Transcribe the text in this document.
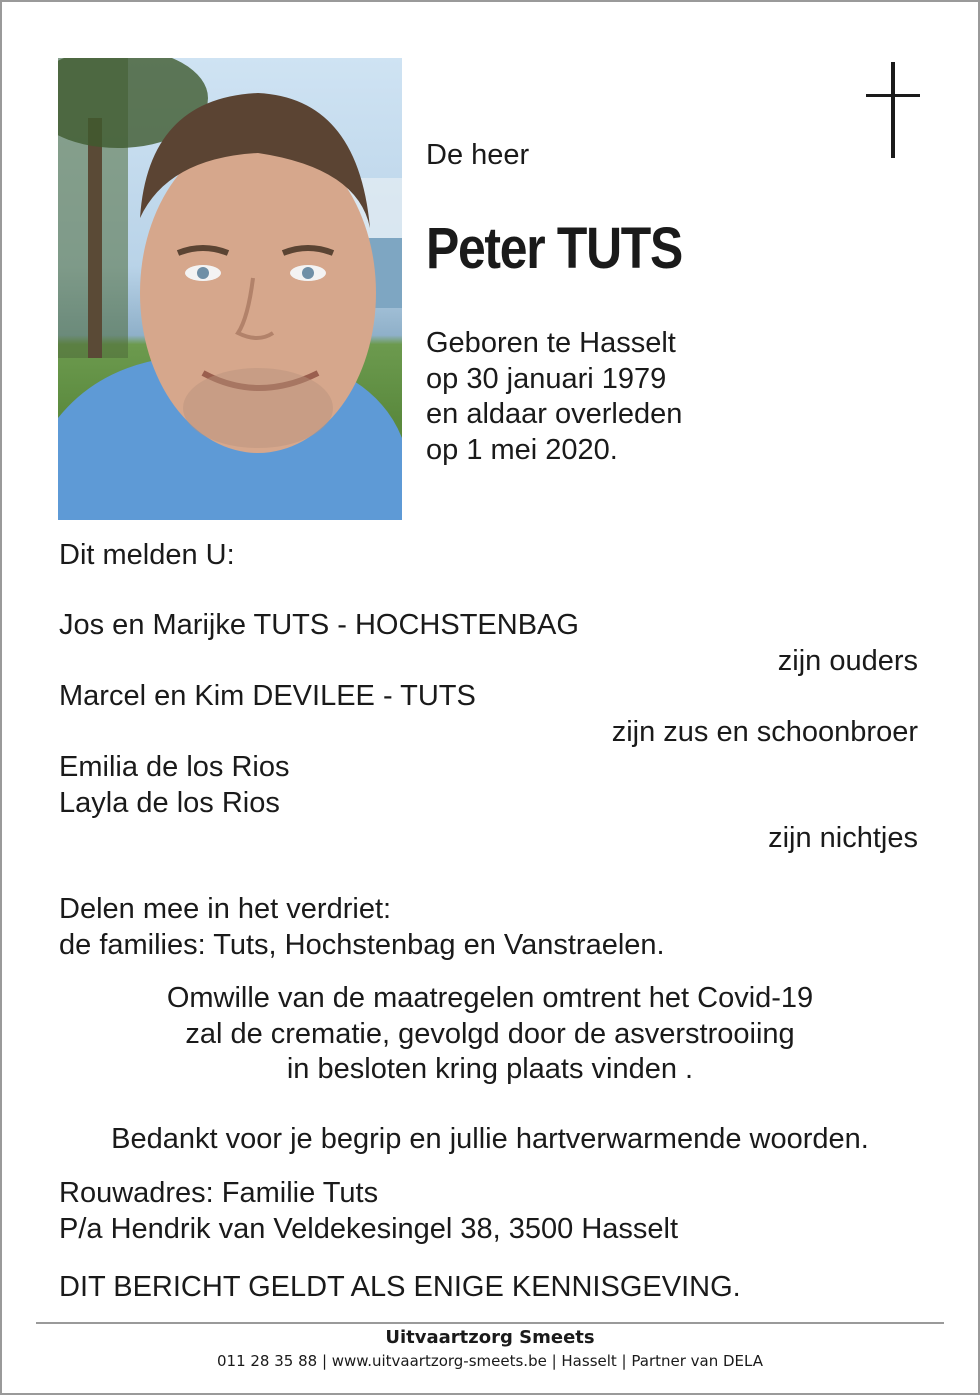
De heer
Peter TUTS
Geboren te Hasselt
op 30 januari 1979
en aldaar overleden
op 1 mei 2020.
Dit melden U:
Jos en Marijke TUTS - HOCHSTENBAG
zijn ouders
Marcel en Kim DEVILEE - TUTS
zijn zus en schoonbroer
Emilia de los Rios
Layla de los Rios
zijn nichtjes
Delen mee in het verdriet:
de families: Tuts, Hochstenbag en Vanstraelen.
Omwille van de maatregelen omtrent het Covid-19
zal de crematie, gevolgd door de asverstrooiing
in besloten kring plaats vinden .
Bedankt voor je begrip en jullie hartverwarmende woorden.
Rouwadres: Familie Tuts
P/a Hendrik van Veldekesingel 38, 3500 Hasselt
DIT BERICHT GELDT ALS ENIGE KENNISGEVING.
Uitvaartzorg Smeets
011 28 35 88 | www.uitvaartzorg-smeets.be | Hasselt | Partner van DELA
